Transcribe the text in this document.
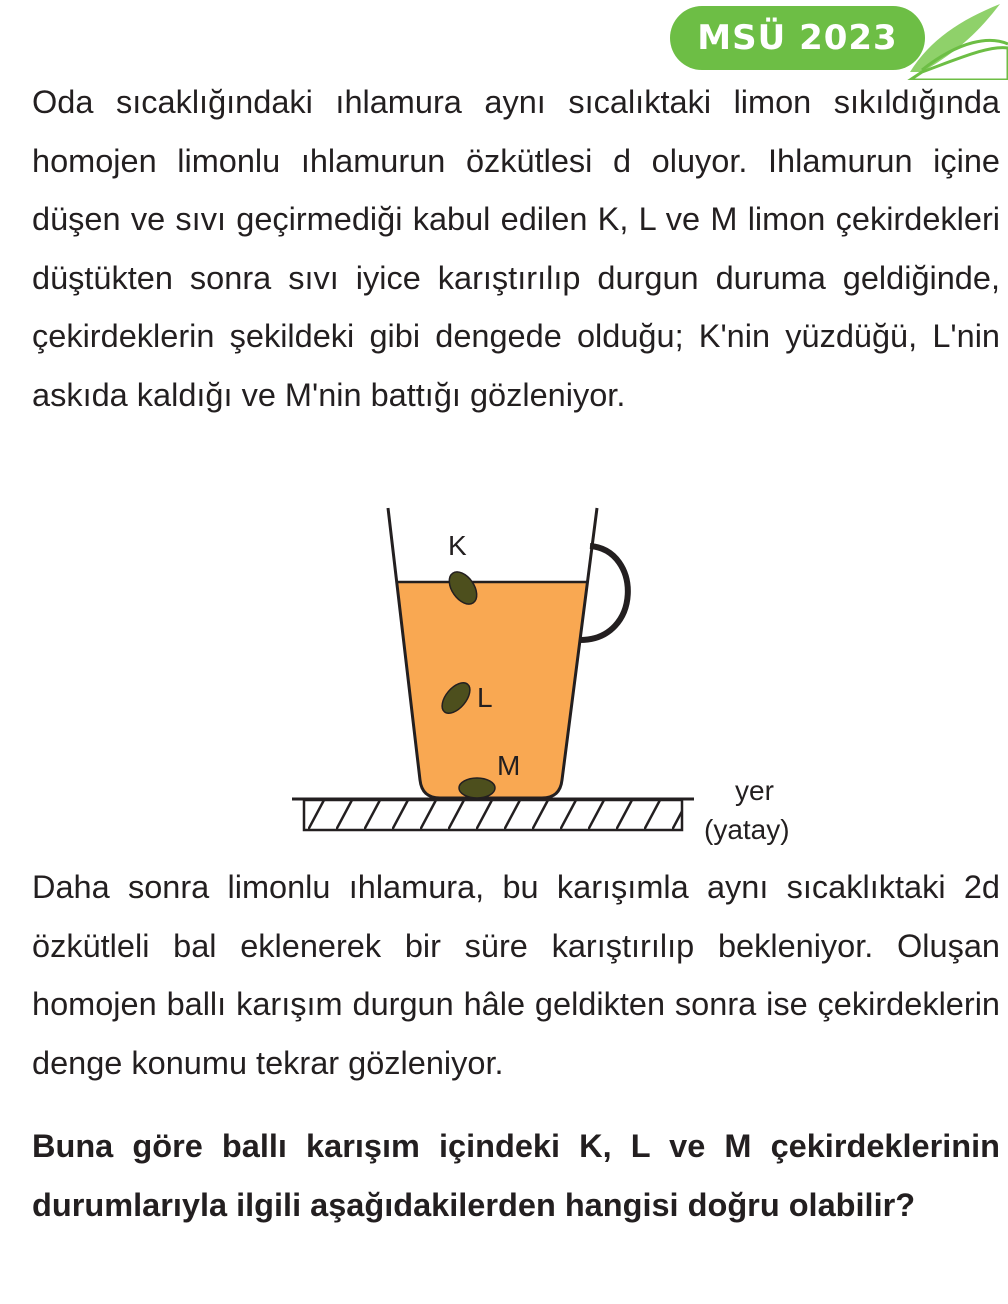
MSÜ 2023

Oda sıcaklığındaki ıhlamura aynı sıcalıktaki limon sıkıldığında homojen limonlu ıhlamurun özkütlesi d oluyor. Ihlamurun içine düşen ve sıvı geçirmediği kabul edilen K, L ve M limon çekirdekleri düştükten sonra sıvı iyice karıştırılıp durgun duruma geldiğinde, çekirdeklerin şekildeki gibi dengede olduğu; K'nin yüzdüğü, L'nin askıda kaldığı ve M'nin battığı gözleniyor.

K
L
M
yer
(yatay)

Daha sonra limonlu ıhlamura, bu karışımla aynı sıcaklıktaki 2d özkütleli bal eklenerek bir süre karıştırılıp bekleniyor. Oluşan homojen ballı karışım durgun hâle geldikten sonra ise çekirdeklerin denge konumu tekrar gözleniyor.

Buna göre ballı karışım içindeki K, L ve M çekirdeklerinin durumlarıyla ilgili aşağıdakilerden hangisi doğru olabilir?
